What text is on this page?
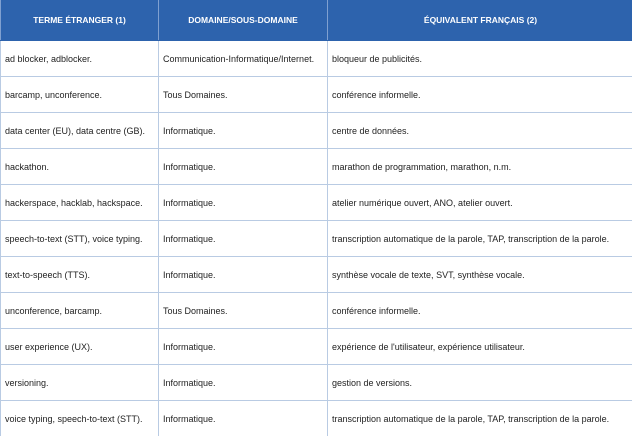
TERME ÉTRANGER (1)	DOMAINE/SOUS-DOMAINE	ÉQUIVALENT FRANÇAIS (2)
ad blocker, adblocker.	Communication-Informatique/Internet.	bloqueur de publicités.
barcamp, unconference.	Tous Domaines.	conférence informelle.
data center (EU), data centre (GB).	Informatique.	centre de données.
hackathon.	Informatique.	marathon de programmation, marathon, n.m.
hackerspace, hacklab, hackspace.	Informatique.	atelier numérique ouvert, ANO, atelier ouvert.
speech-to-text (STT), voice typing.	Informatique.	transcription automatique de la parole, TAP, transcription de la parole.
text-to-speech (TTS).	Informatique.	synthèse vocale de texte, SVT, synthèse vocale.
unconference, barcamp.	Tous Domaines.	conférence informelle.
user experience (UX).	Informatique.	expérience de l'utilisateur, expérience utilisateur.
versioning.	Informatique.	gestion de versions.
voice typing, speech-to-text (STT).	Informatique.	transcription automatique de la parole, TAP, transcription de la parole.
